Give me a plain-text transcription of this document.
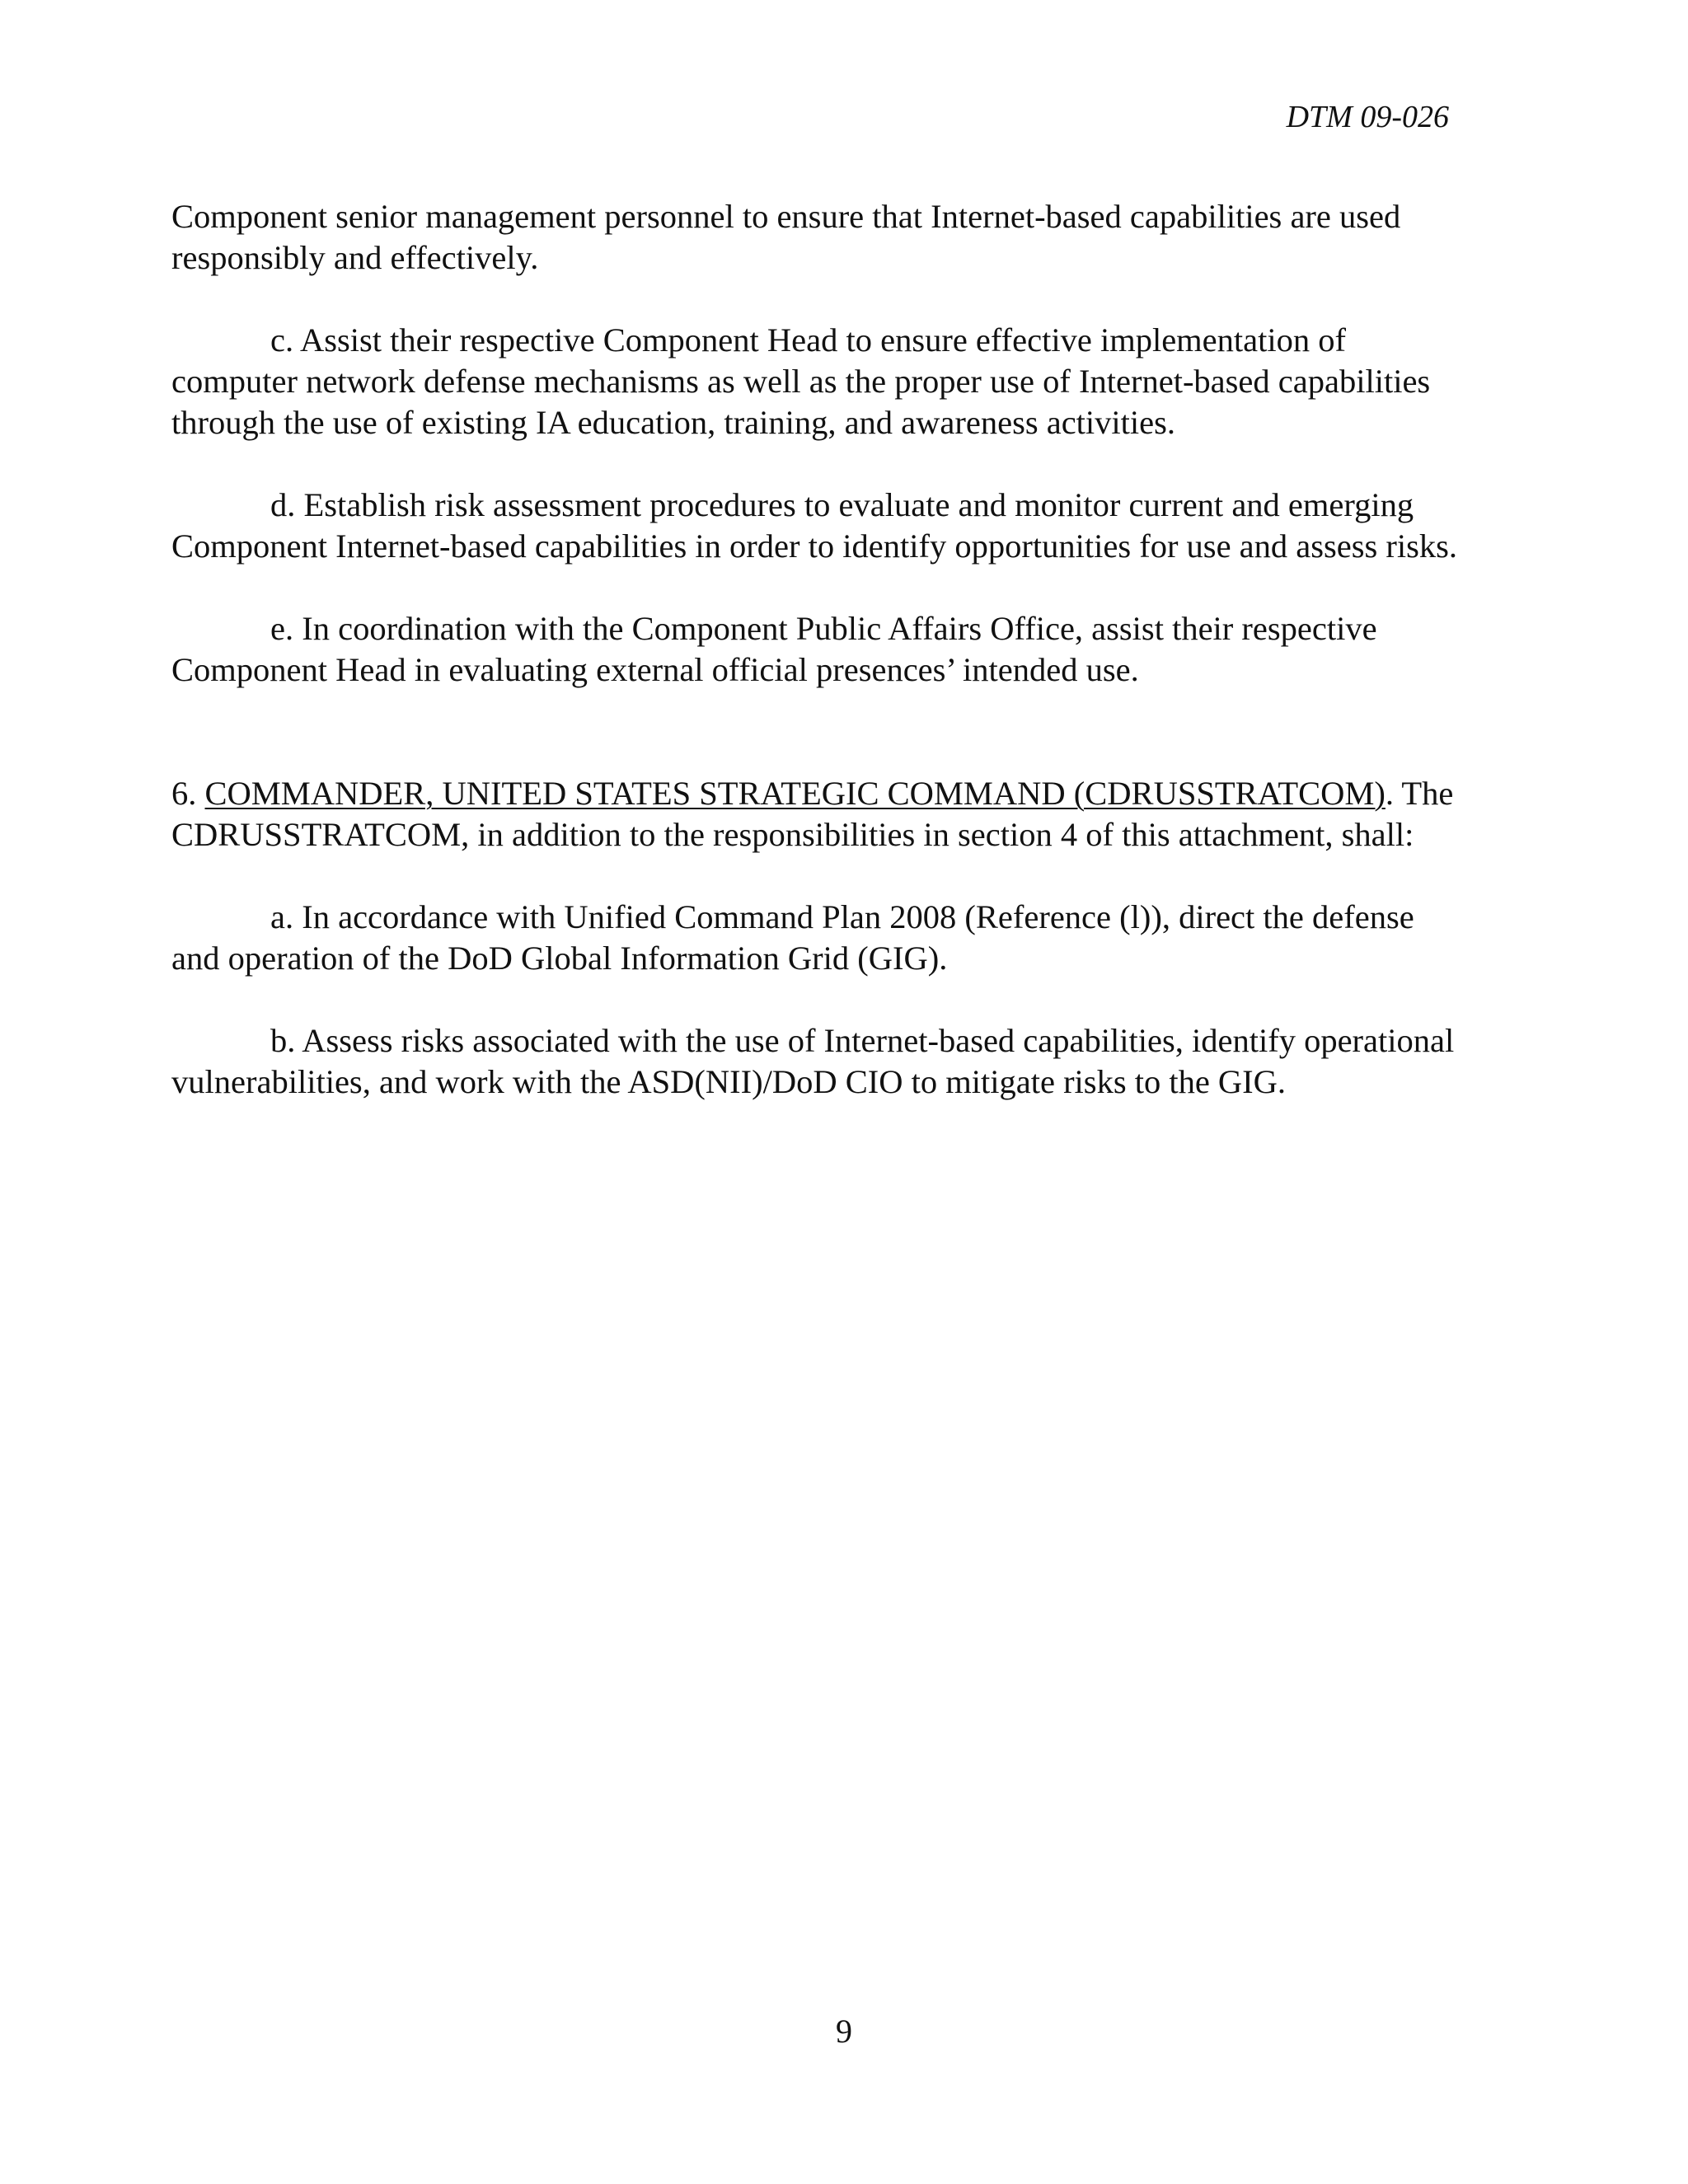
DTM 09-026

Component senior management personnel to ensure that Internet-based capabilities are used responsibly and effectively.

c. Assist their respective Component Head to ensure effective implementation of computer network defense mechanisms as well as the proper use of Internet-based capabilities through the use of existing IA education, training, and awareness activities.

d. Establish risk assessment procedures to evaluate and monitor current and emerging Component Internet-based capabilities in order to identify opportunities for use and assess risks.

e. In coordination with the Component Public Affairs Office, assist their respective Component Head in evaluating external official presences’ intended use.

6. COMMANDER, UNITED STATES STRATEGIC COMMAND (CDRUSSTRATCOM). The CDRUSSTRATCOM, in addition to the responsibilities in section 4 of this attachment, shall:

a. In accordance with Unified Command Plan 2008 (Reference (l)), direct the defense and operation of the DoD Global Information Grid (GIG).

b. Assess risks associated with the use of Internet-based capabilities, identify operational vulnerabilities, and work with the ASD(NII)/DoD CIO to mitigate risks to the GIG.

9
